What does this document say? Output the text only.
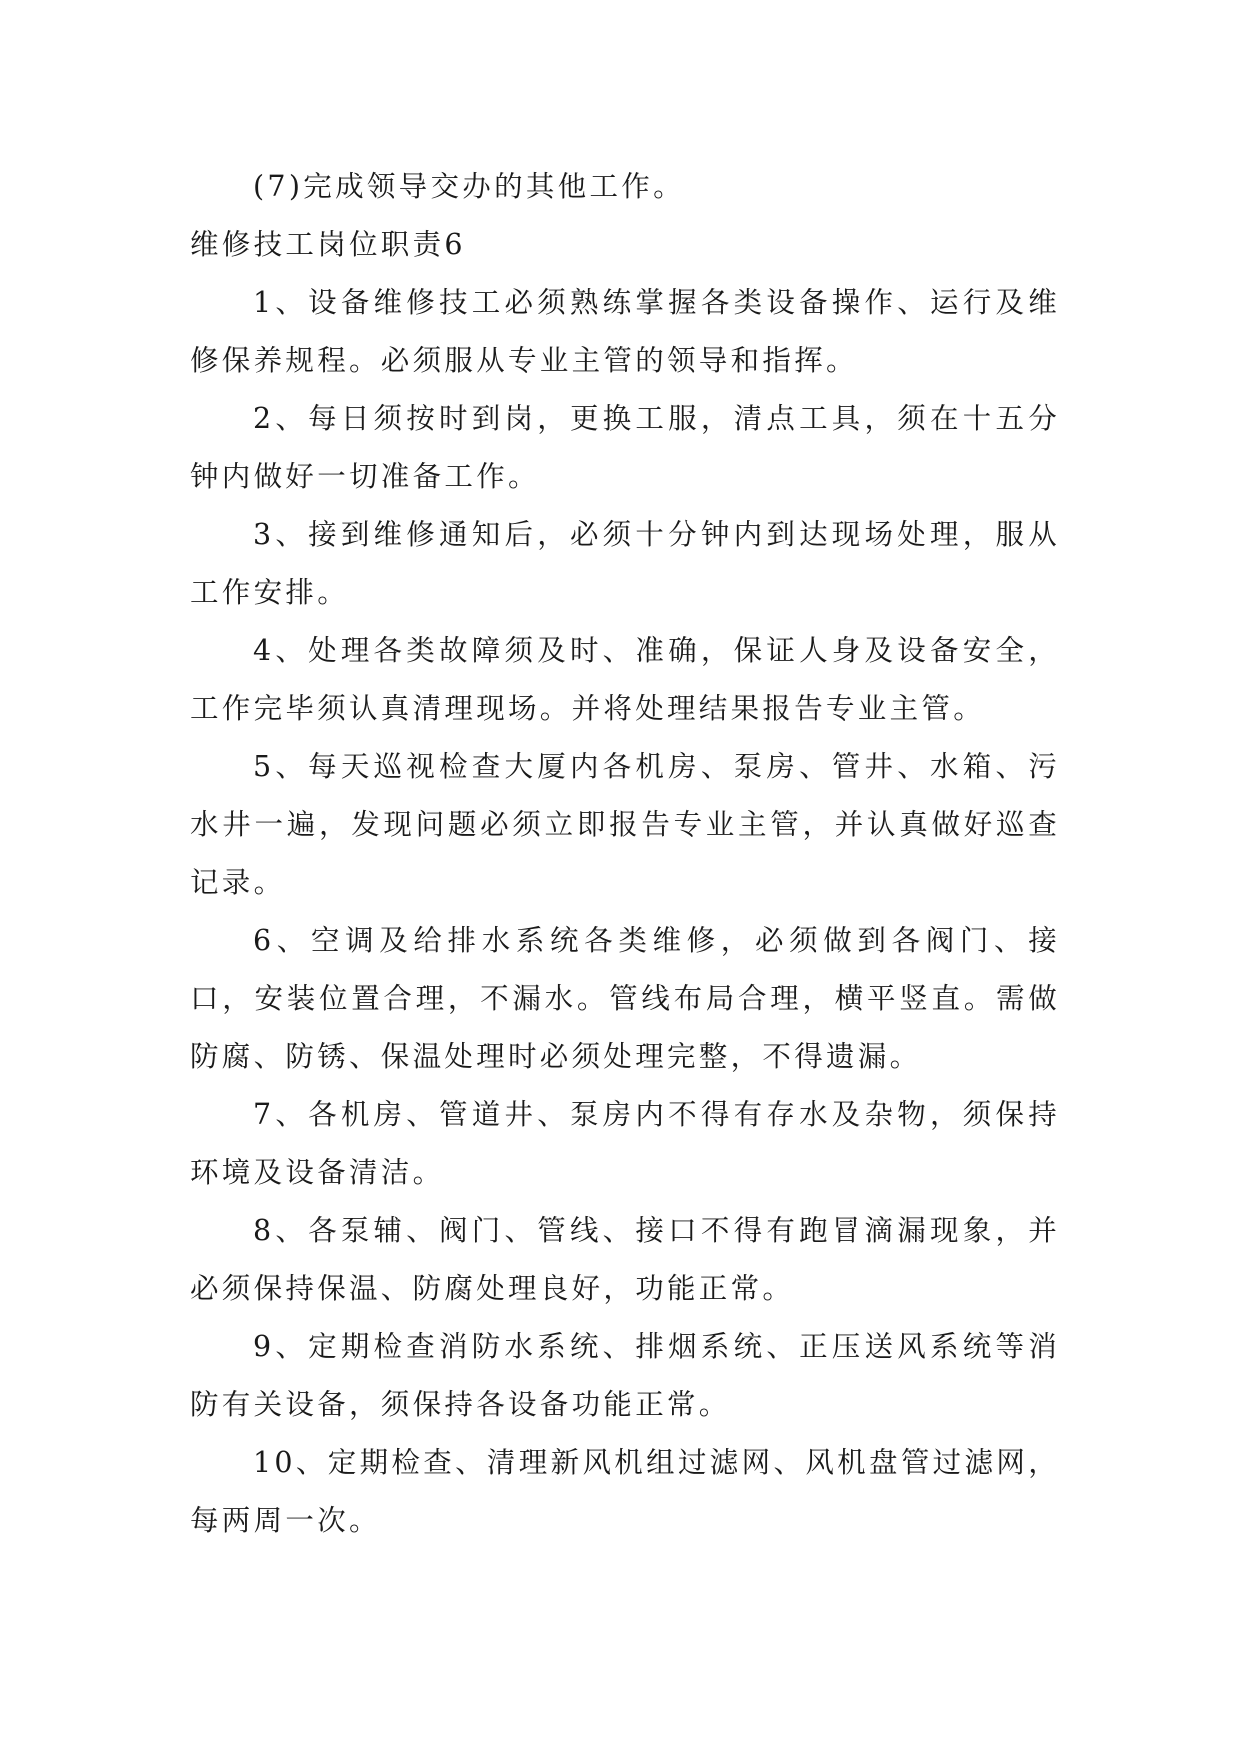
(7)完成领导交办的其他工作。

维修技工岗位职责6

1、设备维修技工必须熟练掌握各类设备操作、运行及维修保养规程。必须服从专业主管的领导和指挥。

2、每日须按时到岗，更换工服，清点工具，须在十五分钟内做好一切准备工作。

3、接到维修通知后，必须十分钟内到达现场处理，服从工作安排。

4、处理各类故障须及时、准确，保证人身及设备安全，工作完毕须认真清理现场。并将处理结果报告专业主管。

5、每天巡视检查大厦内各机房、泵房、管井、水箱、污水井一遍，发现问题必须立即报告专业主管，并认真做好巡查记录。

6、空调及给排水系统各类维修，必须做到各阀门、接口，安装位置合理，不漏水。管线布局合理，横平竖直。需做防腐、防锈、保温处理时必须处理完整，不得遗漏。

7、各机房、管道井、泵房内不得有存水及杂物，须保持环境及设备清洁。

8、各泵辅、阀门、管线、接口不得有跑冒滴漏现象，并必须保持保温、防腐处理良好，功能正常。

9、定期检查消防水系统、排烟系统、正压送风系统等消防有关设备，须保持各设备功能正常。

10、定期检查、清理新风机组过滤网、风机盘管过滤网，每两周一次。
